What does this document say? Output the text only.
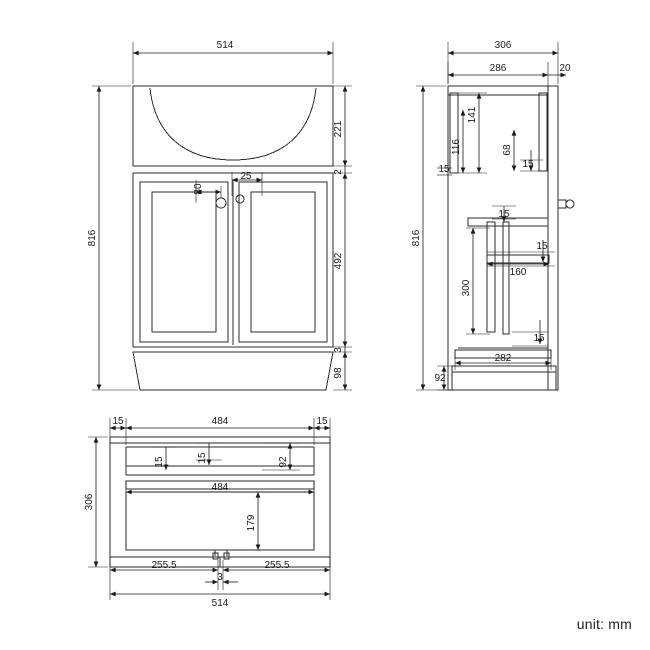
514
816
221
2
492
3
98
80
25
306
286	20
816
141
15
116
15
68
15
15
160
300
15
282
92
15	484	15
306
15	15	92
484
179
255.5	255.5
3
514
unit: mm
